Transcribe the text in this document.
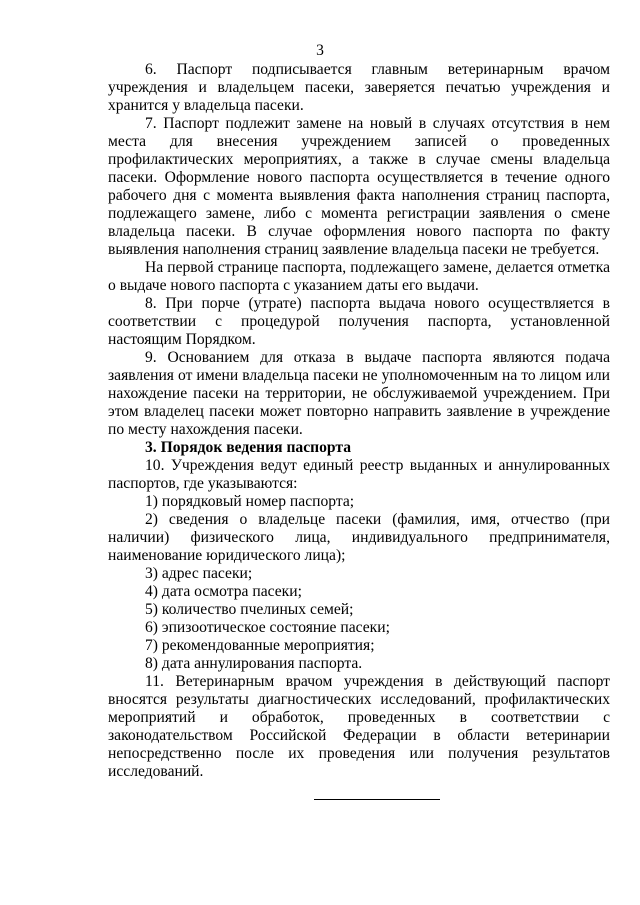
3

6. Паспорт подписывается главным ветеринарным врачом учреждения и владельцем пасеки, заверяется печатью учреждения и хранится у владельца пасеки.

7. Паспорт подлежит замене на новый в случаях отсутствия в нем места для внесения учреждением записей о проведенных профилактических мероприятиях, а также в случае смены владельца пасеки. Оформление нового паспорта осуществляется в течение одного рабочего дня с момента выявления факта наполнения страниц паспорта, подлежащего замене, либо с момента регистрации заявления о смене владельца пасеки. В случае оформления нового паспорта по факту выявления наполнения страниц заявление владельца пасеки не требуется.

На первой странице паспорта, подлежащего замене, делается отметка о выдаче нового паспорта с указанием даты его выдачи.

8. При порче (утрате) паспорта выдача нового осуществляется в соответствии с процедурой получения паспорта, установленной настоящим Порядком.

9. Основанием для отказа в выдаче паспорта являются подача заявления от имени владельца пасеки не уполномоченным на то лицом или нахождение пасеки на территории, не обслуживаемой учреждением. При этом владелец пасеки может повторно направить заявление в учреждение по месту нахождения пасеки.

3. Порядок ведения паспорта

10. Учреждения ведут единый реестр выданных и аннулированных паспортов, где указываются:

1) порядковый номер паспорта;

2) сведения о владельце пасеки (фамилия, имя, отчество (при наличии) физического лица, индивидуального предпринимателя, наименование юридического лица);

3) адрес пасеки;

4) дата осмотра пасеки;

5) количество пчелиных семей;

6) эпизоотическое состояние пасеки;

7) рекомендованные мероприятия;

8) дата аннулирования паспорта.

11. Ветеринарным врачом учреждения в действующий паспорт вносятся результаты диагностических исследований, профилактических мероприятий и обработок, проведенных в соответствии с законодательством Российской Федерации в области ветеринарии непосредственно после их проведения или получения результатов исследований.
